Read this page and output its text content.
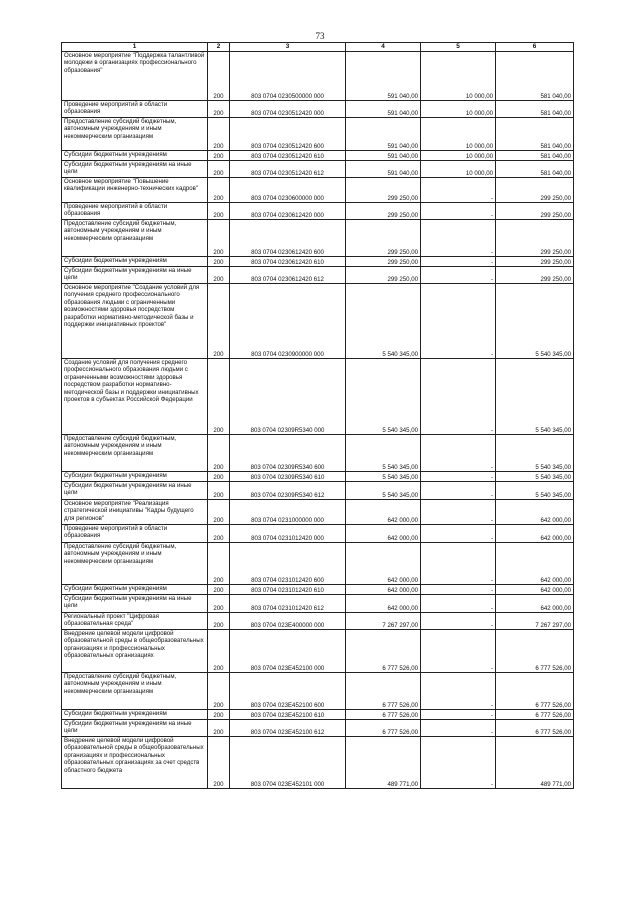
73
1	2	3	4	5	6
Основное мероприятие "Поддержка талантливой молодежи в организациях профессионального образования"	200	803 0704 0230500000 000	591 040,00	10 000,00	581 040,00
Проведение мероприятий в области образования	200	803 0704 0230512420 000	591 040,00	10 000,00	581 040,00
Предоставление субсидий бюджетным, автономным учреждениям и иным некоммерческим организациям	200	803 0704 0230512420 600	591 040,00	10 000,00	581 040,00
Субсидии бюджетным учреждениям	200	803 0704 0230512420 610	591 040,00	10 000,00	581 040,00
Субсидии бюджетным учреждениям на иные цели	200	803 0704 0230512420 612	591 040,00	10 000,00	581 040,00
Основное мероприятие "Повышение квалификации инженерно-технических кадров"	200	803 0704 0230600000 000	299 250,00	-	299 250,00
Проведение мероприятий в области образования	200	803 0704 0230612420 000	299 250,00	-	299 250,00
Предоставление субсидий бюджетным, автономным учреждениям и иным некоммерческим организациям	200	803 0704 0230612420 600	299 250,00	-	299 250,00
Субсидии бюджетным учреждениям	200	803 0704 0230612420 610	299 250,00	-	299 250,00
Субсидии бюджетным учреждениям на иные цели	200	803 0704 0230612420 612	299 250,00	-	299 250,00
Основное мероприятие "Создание условий для получения среднего профессионального образования людьми с ограниченными возможностями здоровья посредством разработки нормативно-методической базы и поддержки инициативных проектов"	200	803 0704 0230900000 000	5 540 345,00	-	5 540 345,00
Создание условий для получения среднего профессионального образования людьми с ограниченными возможностями здоровья посредством разработки нормативно-методической базы и поддержки инициативных проектов в субъектах Российской Федерации	200	803 0704 02309R5340 000	5 540 345,00	-	5 540 345,00
Предоставление субсидий бюджетным, автономным учреждениям и иным некоммерческим организациям	200	803 0704 02309R5340 600	5 540 345,00	-	5 540 345,00
Субсидии бюджетным учреждениям	200	803 0704 02309R5340 610	5 540 345,00	-	5 540 345,00
Субсидии бюджетным учреждениям на иные цели	200	803 0704 02309R5340 612	5 540 345,00	-	5 540 345,00
Основное мероприятие "Реализация стратегической инициативы "Кадры будущего для регионов"	200	803 0704 0231000000 000	642 000,00	-	642 000,00
Проведение мероприятий в области образования	200	803 0704 0231012420 000	642 000,00	-	642 000,00
Предоставление субсидий бюджетным, автономным учреждениям и иным некоммерческим организациям	200	803 0704 0231012420 600	642 000,00	-	642 000,00
Субсидии бюджетным учреждениям	200	803 0704 0231012420 610	642 000,00	-	642 000,00
Субсидии бюджетным учреждениям на иные цели	200	803 0704 0231012420 612	642 000,00	-	642 000,00
Региональный проект "Цифровая образовательная среда"	200	803 0704 023E400000 000	7 267 297,00	-	7 267 297,00
Внедрение целевой модели цифровой образовательной среды в общеобразовательных организациях и профессиональных образовательных организациях	200	803 0704 023E452100 000	6 777 526,00	-	6 777 526,00
Предоставление субсидий бюджетным, автономным учреждениям и иным некоммерческим организациям	200	803 0704 023E452100 600	6 777 526,00	-	6 777 526,00
Субсидии бюджетным учреждениям	200	803 0704 023E452100 610	6 777 526,00	-	6 777 526,00
Субсидии бюджетным учреждениям на иные цели	200	803 0704 023E452100 612	6 777 526,00	-	6 777 526,00
Внедрение целевой модели цифровой образовательной среды в общеобразовательных организациях и профессиональных образовательных организациях за счет средств областного бюджета	200	803 0704 023E452101 000	489 771,00	-	489 771,00
